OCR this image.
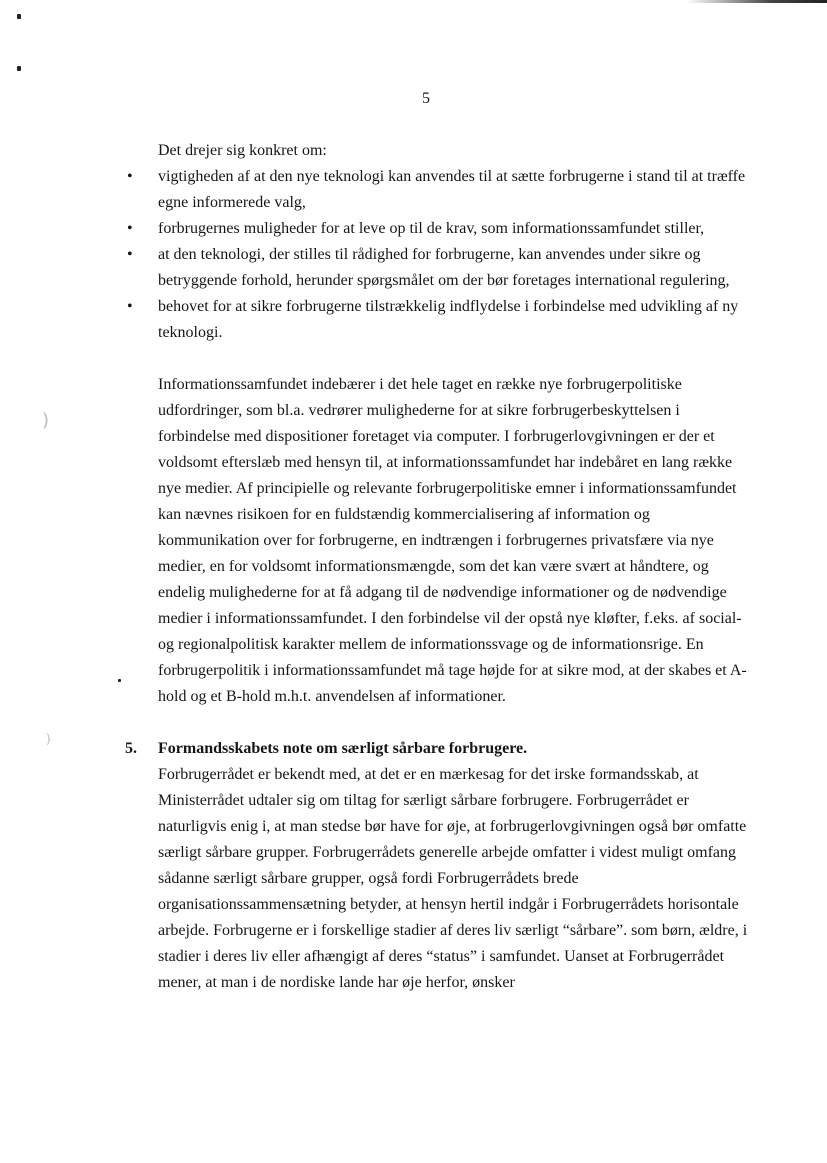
)
)
5

Det drejer sig konkret om:

• vigtigheden af at den nye teknologi kan anvendes til at sætte forbrugerne i stand til at træffe egne informerede valg,
• forbrugernes muligheder for at leve op til de krav, som informationssamfundet stiller,
• at den teknologi, der stilles til rådighed for forbrugerne, kan anvendes under sikre og betryggende forhold, herunder spørgsmålet om der bør foretages international regulering,
• behovet for at sikre forbrugerne tilstrækkelig indflydelse i forbindelse med udvikling af ny teknologi.

Informationssamfundet indebærer i det hele taget en række nye forbrugerpolitiske udfordringer, som bl.a. vedrører mulighederne for at sikre forbrugerbeskyttelsen i forbindelse med dispositioner foretaget via computer. I forbrugerlovgivningen er der et voldsomt efterslæb med hensyn til, at informationssamfundet har indebåret en lang række nye medier. Af principielle og relevante forbrugerpolitiske emner i informationssamfundet kan nævnes risikoen for en fuldstændig kommercialisering af information og kommunikation over for forbrugerne, en indtrængen i forbrugernes privatsfære via nye medier, en for voldsomt informationsmængde, som det kan være svært at håndtere, og endelig mulighederne for at få adgang til de nødvendige informationer og de nødvendige medier i informationssamfundet. I den forbindelse vil der opstå nye kløfter, f.eks. af social- og regionalpolitisk karakter mellem de informationssvage og de informationsrige. En forbrugerpolitik i informationssamfundet må tage højde for at sikre mod, at der skabes et A-hold og et B-hold m.h.t. anvendelsen af informationer.

5. Formandsskabets note om særligt sårbare forbrugere.

Forbrugerrådet er bekendt med, at det er en mærkesag for det irske formandsskab, at Ministerrådet udtaler sig om tiltag for særligt sårbare forbrugere. Forbrugerrådet er naturligvis enig i, at man stedse bør have for øje, at forbrugerlovgivningen også bør omfatte særligt sårbare grupper. Forbrugerrådets generelle arbejde omfatter i videst muligt omfang sådanne særligt sårbare grupper, også fordi Forbrugerrådets brede organisationssammensætning betyder, at hensyn hertil indgår i Forbrugerrådets horisontale arbejde. Forbrugerne er i forskellige stadier af deres liv særligt “sårbare”. som børn, ældre, i stadier i deres liv eller afhængigt af deres “status” i samfundet. Uanset at Forbrugerrådet mener, at man i de nordiske lande har øje herfor, ønsker
